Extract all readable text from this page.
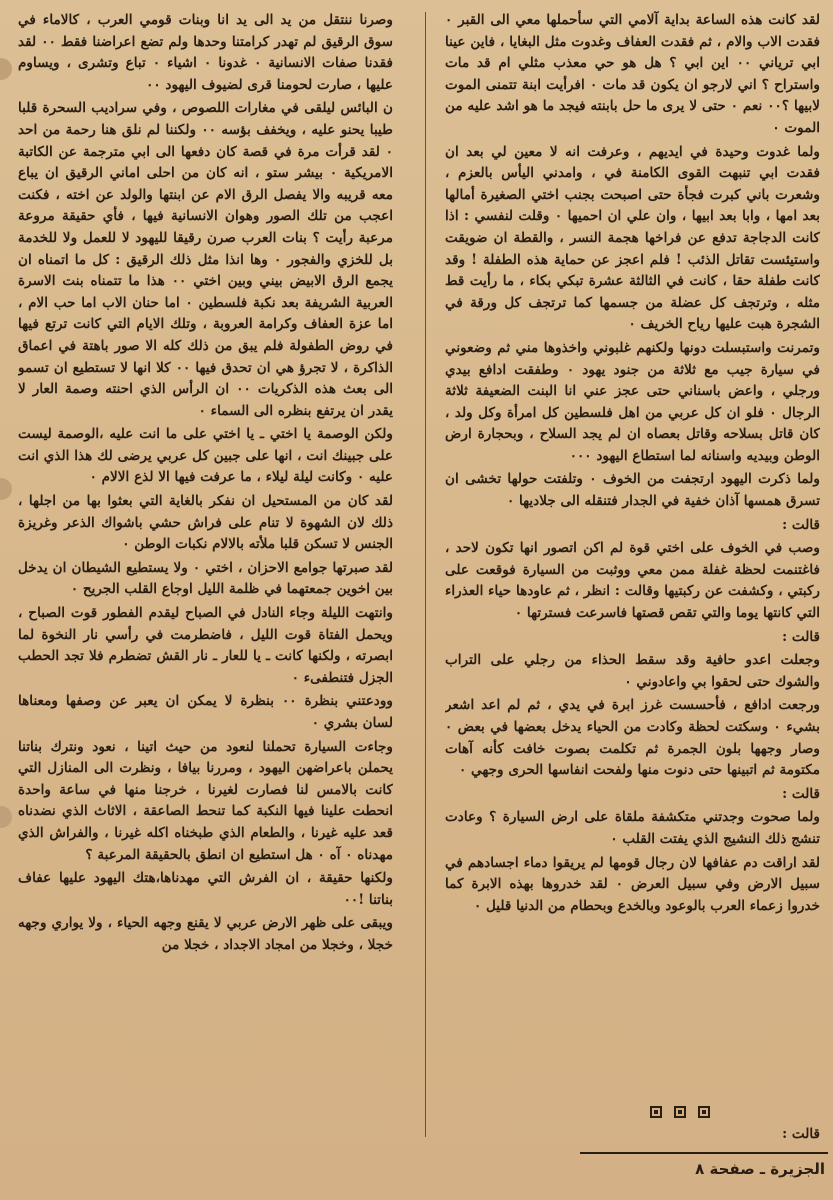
لقد كانت هذه الساعة بداية آلامي التي سأحملها معي الى القبر ٠ فقدت الاب والام ، ثم فقدت العفاف وغدوت مثل البغايا ، فاين عينا ابي ترياني ٠٠ اين ابي ؟ هل هو حي معذب مثلي ام قد مات واستراح ؟ اني لارجو ان يكون قد مات ٠ افرأيت ابنة تتمنى الموت لابيها ؟٠٠ نعم ٠ حتى لا يرى ما حل بابنته فيجد ما هو اشد عليه من الموت ٠

ولما غدوت وحيدة في ايديهم ، وعرفت انه لا معين لي بعد ان فقدت ابي تنبهت القوى الكامنة في ، وامدني اليأس بالعزم ، وشعرت باني كبرت فجأة حتى اصبحت بجنب اختي الصغيرة أمالها بعد امها ، وابا بعد ابيها ، وان علي ان احميها ٠ وقلت لنفسي : اذا كانت الدجاجة تدفع عن فراخها هجمة النسر ، والقطة ان ضويقت واستيئست تقاتل الذئب ! فلم اعجز عن حماية هذه الطفلة ! وقد كانت طفلة حقا ، كانت في الثالثة عشرة تبكي بكاء ، ما رأيت قط مثله ، وترتجف كل عضلة من جسمها كما ترتجف كل ورقة في الشجرة هبت عليها رياح الخريف ٠

وتمرنت واستبسلت دونها ولكنهم غلبوني واخذوها مني ثم وضعوني في سيارة جيب مع ثلاثة من جنود يهود ٠ وطفقت ادافع بيدي ورجلي ، واعض باسناني حتى عجز عني انا البنت الضعيفة ثلاثة الرجال ٠ فلو ان كل عربي من اهل فلسطين كل امرأة وكل ولد ، كان قاتل بسلاحه وقاتل بعصاه ان لم يجد السلاح ، وبحجارة ارض الوطن وبيديه واسنانه لما استطاع اليهود ٠٠٠

ولما ذكرت اليهود ارتجفت من الخوف ٠ وتلفتت حولها تخشى ان تسرق همسها آذان خفية في الجدار فتنقله الى جلاديها ٠

قالت :

وصب في الخوف على اختي قوة لم اكن اتصور انها تكون لاحد ، فاغتنمت لحظة غفلة ممن معي ووثبت من السيارة فوقعت على ركبتي ، وكشفت عن ركبتيها وقالت : انظر ، ثم عاودها حياء العذراء التي كانتها يوما والتي تقص قصتها فاسرعت فسترتها ٠

قالت :

وجعلت اعدو حافية وقد سقط الحذاء من رجلي على التراب والشوك حتى لحقوا بي واعادوني ٠

ورجعت ادافع ، فأحسست غرز ابرة في يدي ، ثم لم اعد اشعر بشيء ٠ وسكتت لحظة وكادت من الحياء يدخل بعضها في بعض ٠ وصار وجهها بلون الجمرة ثم تكلمت بصوت خافت كأنه آهات مكتومة ثم اتبينها حتى دنوت منها ولفحت انفاسها الحرى وجهي ٠

قالت :

ولما صحوت وجدتني متكشفة ملقاة على ارض السيارة ؟ وعادت تنشج ذلك النشيج الذي يفتت القلب ٠

لقد اراقت دم عفافها لان رجال قومها لم يريقوا دماء اجسادهم في سبيل الارض وفي سبيل العرض ٠ لقد خدروها بهذه الابرة كما خدروا زعماء العرب بالوعود وبالخدع وبحطام من الدنيا قليل ٠

وصرنا ننتقل من يد الى يد انا وبنات قومي العرب ، كالاماء في سوق الرقيق لم تهدر كرامتنا وحدها ولم تضع اعراضنا فقط ٠٠ لقد فقدنا صفات الانسانية ٠ غدونا ٠ اشياء ٠ تباع وتشرى ، ويساوم عليها ، صارت لحومنا قرى لضيوف اليهود ٠٠

ن البائس ليلقى في مغارات اللصوص ، وفي سراديب السحرة قلبا طيبا يحنو عليه ، ويخفف بؤسه ٠٠ ولكننا لم نلق هنا رحمة من احد ٠ لقد قرأت مرة في قصة كان دفعها الى ابي مترجمة عن الكاتبة الامريكية ٠ بيشر ستو ، انه كان من احلى اماني الرقيق ان يباع معه قريبه والا يفصل الرق الام عن ابنتها والولد عن اخته ، فكنت اعجب من تلك الصور وهوان الانسانية فيها ، فأي حقيقة مروعة مرعبة رأيت ؟ بنات العرب صرن رقيقا لليهود لا للعمل ولا للخدمة بل للخزي والفجور ٠ وها انذا مثل ذلك الرقيق : كل ما اتمناه ان يجمع الرق الابيض بيني وبين اختي ٠٠ هذا ما تتمناه بنت الاسرة العربية الشريفة بعد نكبة فلسطين ٠ اما حنان الاب اما حب الام ، اما عزة العفاف وكرامة العروبة ، وتلك الايام التي كانت ترتع فيها في روض الطفولة فلم يبق من ذلك كله الا صور باهتة في اعماق الذاكرة ، لا تجرؤ هي ان تحدق فيها ٠٠ كلا انها لا تستطيع ان تسمو الى بعث هذه الذكريات ٠٠ ان الرأس الذي احنته وصمة العار لا يقدر ان يرتفع بنظره الى السماء ٠

ولكن الوصمة يا اختي ـ يا اختي على ما انت عليه ،الوصمة ليست على جبينك انت ، انها على جبين كل عربي يرضى لك هذا الذي انت عليه ٠ وكانت ليلة ليلاء ، ما عرفت فيها الا لذع الالام ٠

لقد كان من المستحيل ان نفكر بالغاية التي بعثوا بها من اجلها ، ذلك لان الشهوة لا تنام على فراش حشي باشواك الذعر وغريزة الجنس لا تسكن قلبا ملأته بالالام نكبات الوطن ٠

لقد صبرتها جوامع الاحزان ، اختي ٠ ولا يستطيع الشيطان ان يدخل بين اخوين جمعتهما في ظلمة الليل اوجاع القلب الجريح ٠

وانتهت الليلة وجاء النادل في الصباح ليقدم الفطور قوت الصباح ، ويحمل الفتاة قوت الليل ، فاضطرمت في رأسي نار النخوة لما ابصرته ، ولكنها كانت ـ يا للعار ـ نار القش تضطرم فلا تجد الحطب الجزل فتنطفىء ٠

وودعتني بنظرة ٠٠ بنظرة لا يمكن ان يعبر عن وصفها ومعناها لسان بشري ٠

وجاءت السيارة تحملنا لنعود من حيث اتينا ، نعود ونترك بناتنا يحملن باعراضهن اليهود ، ومررنا بيافا ، ونظرت الى المنازل التي كانت بالامس لنا فصارت لغيرنا ، خرجنا منها في ساعة واحدة انحطت علينا فيها النكبة كما تنحط الصاعقة ، الاثاث الذي نضدناه قعد عليه غيرنا ، والطعام الذي طبخناه اكله غيرنا ، والفراش الذي مهدناه ٠ آه ٠ هل استطيع ان انطق بالحقيقة المرعبة ؟

ولكنها حقيقة ، ان الفرش التي مهدناها،هتك اليهود عليها عفاف بناتنا !٠٠

ويبقى على ظهر الارض عربي لا يقنع وجهه الحياء ، ولا يواري وجهه خجلا ، وخجلا من امجاد الاجداد ، خجلا من

قالت :
الجزيرة ـ صفحة ٨
